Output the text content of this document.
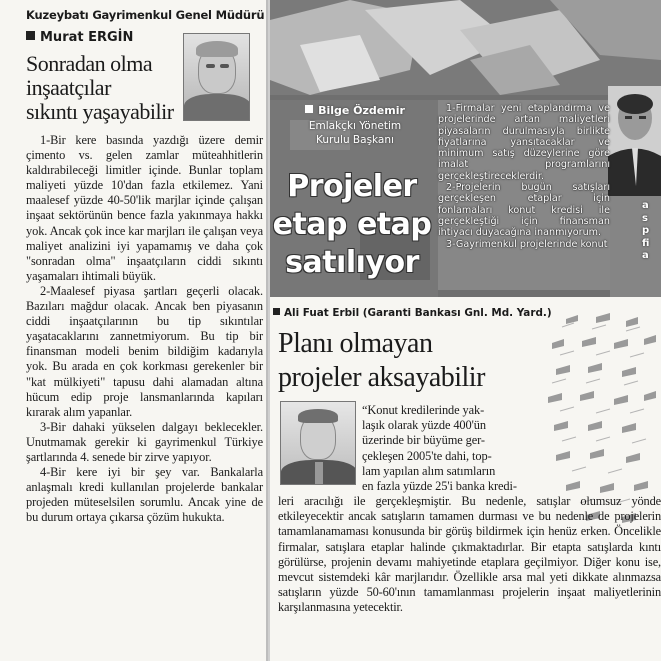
Kuzeybatı Gayrimenkul Genel Müdürü
Murat ERGİN
Sonradan olma
inşaatçılar
sıkıntı yaşayabilir

1-Bir kere basında yazdığı üzere demir çimento vs. gelen zamlar müteahhitlerin kaldırabileceği limitler içinde. Bunlar toplam maliyeti yüzde 10'dan fazla etkilemez. Yani maalesef yüzde 40-50'lik marjlar içinde çalışan inşaat sektörünün bence fazla yakınmaya hakkı yok. Ancak çok ince kar marjları ile çalışan veya maliyet analizini iyi yapamamış ve daha çok "sonradan olma" inşaatçıların ciddi sıkıntı yaşamaları ihtimali büyük.

2-Maalesef piyasa şartları geçerli olacak. Bazıları mağdur olacak. Ancak ben piyasanın ciddi inşaatçılarının bu tip sıkıntılar yaşatacaklarını zannetmiyorum. Bu tip bir finansman modeli benim bildiğim kadarıyla yok. Bu arada en çok korkması gerekenler bir "kat mülkiyeti" tapusu dahi alamadan altına hücum edip proje lansmanlarında kapıları kırarak alım yapanlar.

3-Bir dahaki yükselen dalgayı beklecekler. Unutmamak gerekir ki gayrimenkul Türkiye şartlarında 4. senede bir zirve yapıyor.

4-Bir kere iyi bir şey var. Bankalarla anlaşmalı kredi kullanılan projelerde bankalar projeden müteselsilen sorumlu. Ancak yine de bu durum ortaya çıkarsa çözüm hukukta.

Bilge Özdemir
Emlakçkı Yönetim
Kurulu Başkanı
Projeler
etap etap
satılıyor

1-Firmalar yeni etaplandırma ve projelerinde artan maliyetleri piyasaların durulmasıyla birlikte fiyatlarına yansıtacaklar ve minimum satış düzeylerine göre imalat programlarını gerçekleştireceklerdir.

2-Projelerin bugün satışları gerçekleşen etaplar için fonlamaları konut kredisi ile gerçekleştiği için finansman ihtiyacı duyacağına inanmıyorum.

3-Gayrimenkul projelerinde konut

a
s
p
fi
a
Ali Fuat Erbil (Garanti Bankası Gnl. Md. Yard.)
Planı olmayan
projeler aksayabilir
“Konut kredilerinde yak-
laşık olarak yüzde 400'ün
üzerinde bir büyüme ger-
çekleşen 2005'te dahi, top-
lam yapılan alım satımların
en fazla yüzde 25'i banka kredi-
leri aracılığı ile gerçekleşmiştir. Bu nedenle, satışlar olumsuz yönde etkileyecektir ancak satışların tamamen durması ve bu nedenle de projelerin tamamlanamaması konusunda bir görüş bildirmek için henüz erken. Öncelikle firmalar, satışlara etaplar halinde çıkmaktadırlar. Bir etapta satışlarda kıntı görülürse, projenin devamı mahiyetinde etaplara geçilmiyor. Diğer konu ise, mevcut sistemdeki kâr marjlarıdır. Özellikle arsa mal yeti dikkate alınmazsa satışların yüzde 50-60'ının tamamlanması projelerin inşaat maliyetlerinin karşılanmasına yetecektir.
